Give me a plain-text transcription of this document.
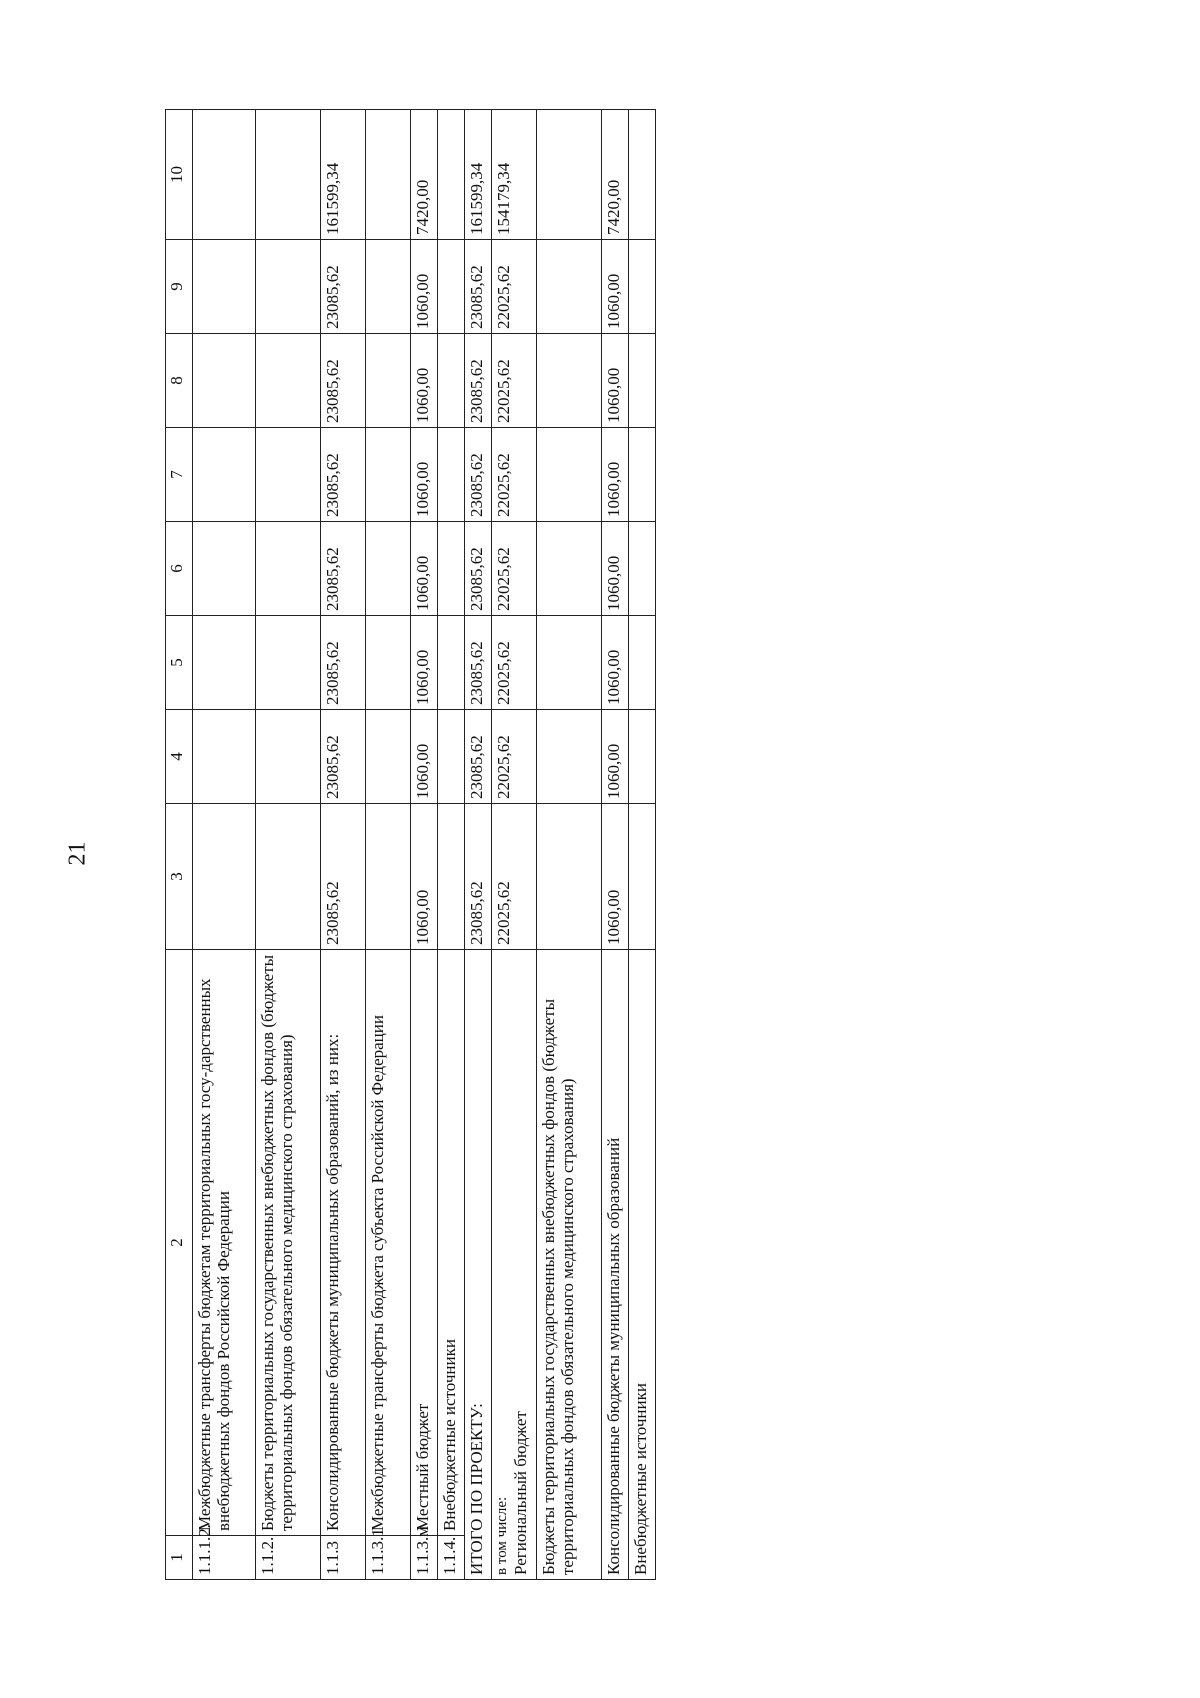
21
1	2	3	4	5	6	7	8	9	10
1.1.1.2.	Межбюджетные трансферты бюджетам территориальных госу-дарственных внебюджетных фондов Российской Федерации								
1.1.2.	Бюджеты территориальных государственных внебюджетных фондов (бюджеты территориальных фондов обязательного медицинского страхования)								
1.1.3	Консолидированные бюджеты муниципальных образований, из них:	23085,62	23085,62	23085,62	23085,62	23085,62	23085,62	23085,62	161599,34
1.1.3.1	Межбюджетные трансферты бюджета субъекта Российской Федерации								
1.1.3.м	Местный бюджет	1060,00	1060,00	1060,00	1060,00	1060,00	1060,00	1060,00	7420,00
1.1.4.	Внебюджетные источники								
ИТОГО ПО ПРОЕКТУ:		23085,62	23085,62	23085,62	23085,62	23085,62	23085,62	23085,62	161599,34

в том числе: Региональный бюджет		22025,62	22025,62	22025,62	22025,62	22025,62	22025,62	22025,62	154179,34
Бюджеты территориальных государственных внебюджетных фондов (бюджеты территориальных фондов обязательного медицинского страхования)									
Консолидированные бюджеты муниципальных образований		1060,00	1060,00	1060,00	1060,00	1060,00	1060,00	1060,00	7420,00
Внебюджетные источники									
